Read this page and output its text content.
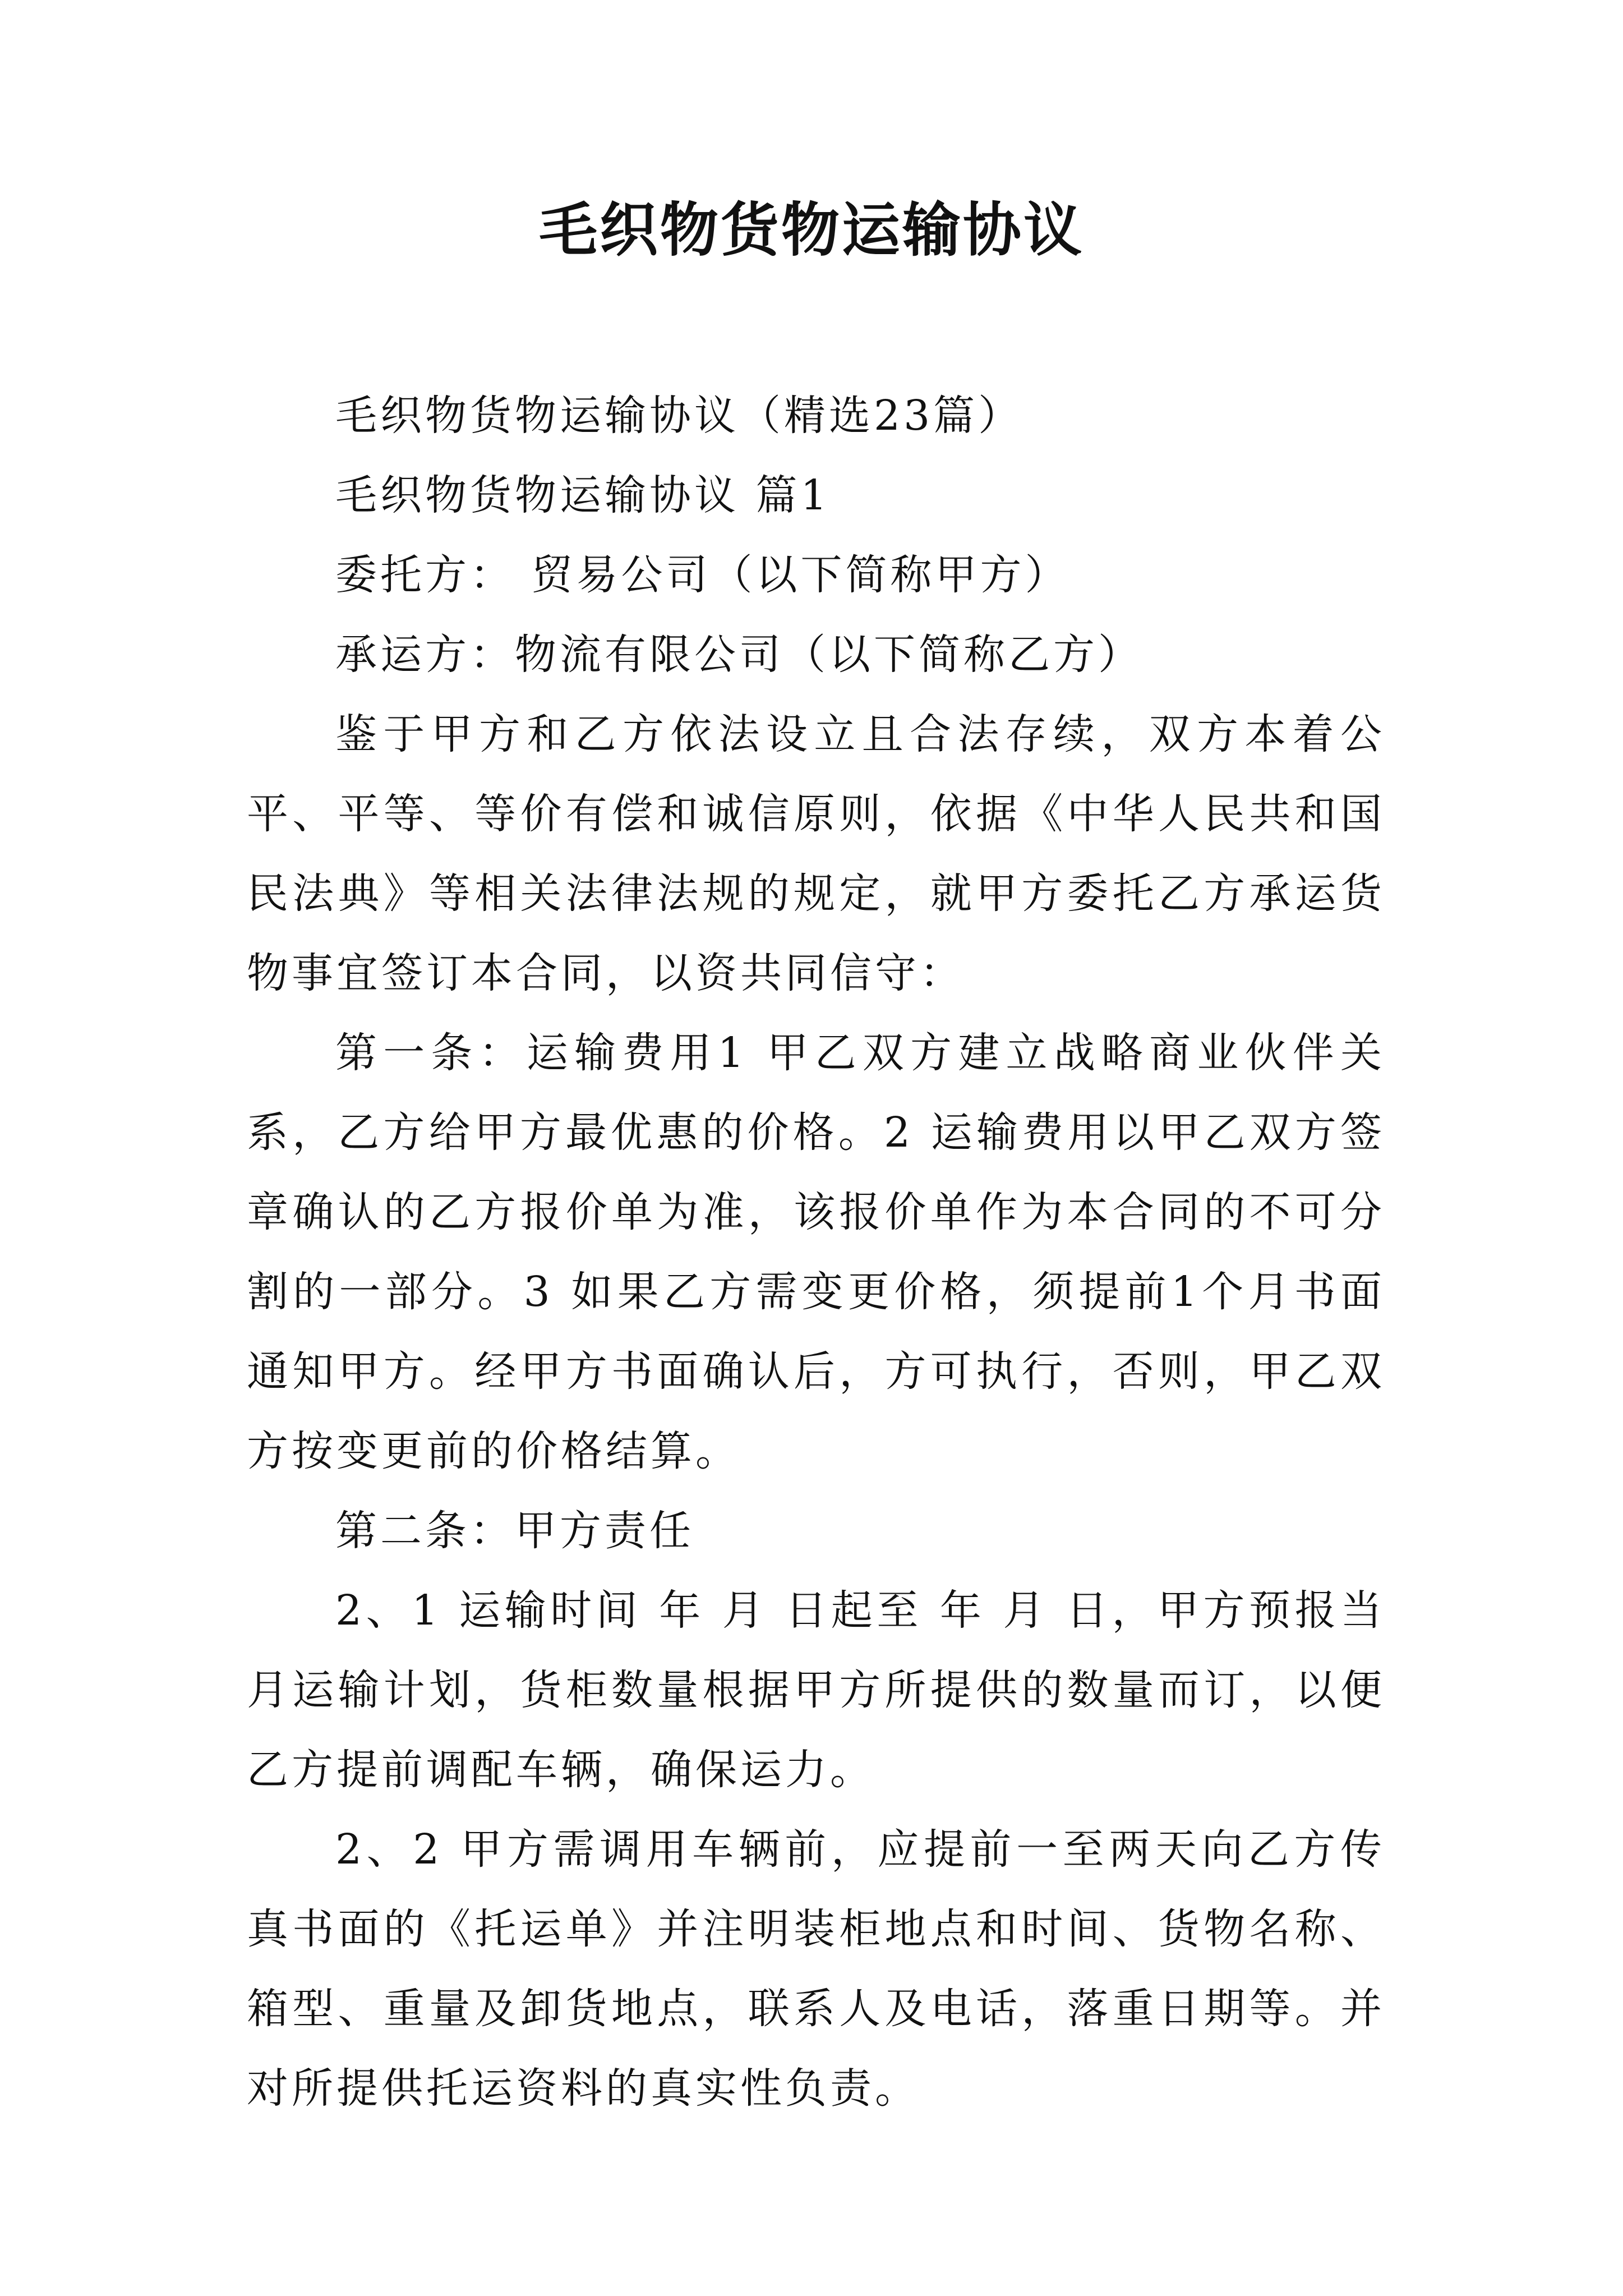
毛织物货物运输协议

毛织物货物运输协议（精选23篇）

毛织物货物运输协议 篇1

委托方： 贸易公司（以下简称甲方）

承运方：物流有限公司（以下简称乙方）

鉴于甲方和乙方依法设立且合法存续，双方本着公平、平等、等价有偿和诚信原则，依据《中华人民共和国民法典》等相关法律法规的规定，就甲方委托乙方承运货物事宜签订本合同，以资共同信守：

第一条：运输费用1 甲乙双方建立战略商业伙伴关系，乙方给甲方最优惠的价格。2 运输费用以甲乙双方签章确认的乙方报价单为准，该报价单作为本合同的不可分割的一部分。3 如果乙方需变更价格，须提前1个月书面通知甲方。经甲方书面确认后，方可执行，否则，甲乙双方按变更前的价格结算。

第二条：甲方责任

2、1 运输时间 年 月 日起至 年 月 日，甲方预报当月运输计划，货柜数量根据甲方所提供的数量而订，以便乙方提前调配车辆，确保运力。

2、2 甲方需调用车辆前，应提前一至两天向乙方传真书面的《托运单》并注明装柜地点和时间、货物名称、箱型、重量及卸货地点，联系人及电话，落重日期等。并对所提供托运资料的真实性负责。
